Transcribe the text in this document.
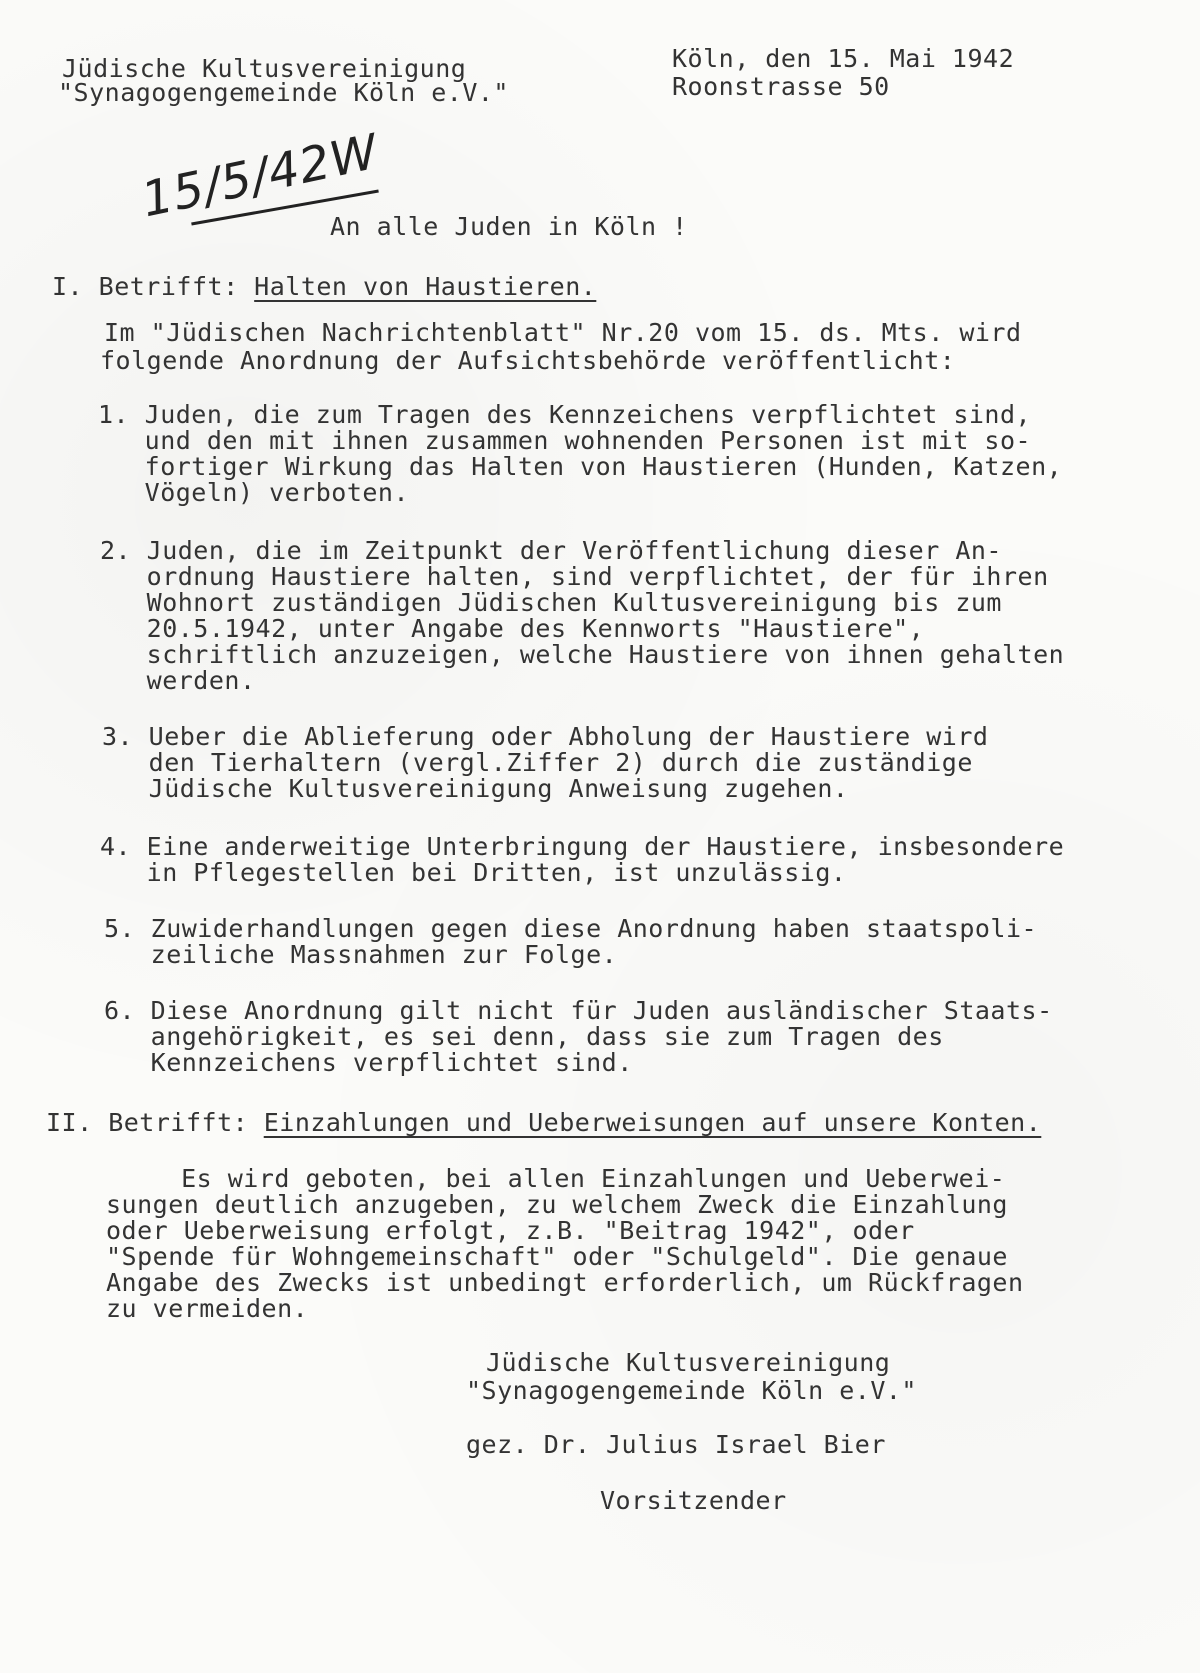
Jüdische Kultusvereinigung
"Synagogengemeinde Köln e.V."
Köln, den 15. Mai 1942
Roonstrasse 50
15/5/42W
An alle Juden in Köln !
I. Betrifft: Halten von Haustieren.
Im "Jüdischen Nachrichtenblatt" Nr.20 vom 15. ds. Mts. wird
folgende Anordnung der Aufsichtsbehörde veröffentlicht:
1. Juden, die zum Tragen des Kennzeichens verpflichtet sind,
und den mit ihnen zusammen wohnenden Personen ist mit so-
fortiger Wirkung das Halten von Haustieren (Hunden, Katzen,
Vögeln) verboten.
2. Juden, die im Zeitpunkt der Veröffentlichung dieser An-
ordnung Haustiere halten, sind verpflichtet, der für ihren
Wohnort zuständigen Jüdischen Kultusvereinigung bis zum
20.5.1942, unter Angabe des Kennworts "Haustiere",
schriftlich anzuzeigen, welche Haustiere von ihnen gehalten
werden.
3. Ueber die Ablieferung oder Abholung der Haustiere wird
den Tierhaltern (vergl.Ziffer 2) durch die zuständige
Jüdische Kultusvereinigung Anweisung zugehen.
4. Eine anderweitige Unterbringung der Haustiere, insbesondere
in Pflegestellen bei Dritten, ist unzulässig.
5. Zuwiderhandlungen gegen diese Anordnung haben staatspoli-
zeiliche Massnahmen zur Folge.
6. Diese Anordnung gilt nicht für Juden ausländischer Staats-
angehörigkeit, es sei denn, dass sie zum Tragen des
Kennzeichens verpflichtet sind.
II. Betrifft: Einzahlungen und Ueberweisungen auf unsere Konten.
Es wird geboten, bei allen Einzahlungen und Ueberwei-
sungen deutlich anzugeben, zu welchem Zweck die Einzahlung
oder Ueberweisung erfolgt, z.B. "Beitrag 1942", oder
"Spende für Wohngemeinschaft" oder "Schulgeld". Die genaue
Angabe des Zwecks ist unbedingt erforderlich, um Rückfragen
zu vermeiden.
Jüdische Kultusvereinigung
"Synagogengemeinde Köln e.V."
gez. Dr. Julius Israel Bier
Vorsitzender
